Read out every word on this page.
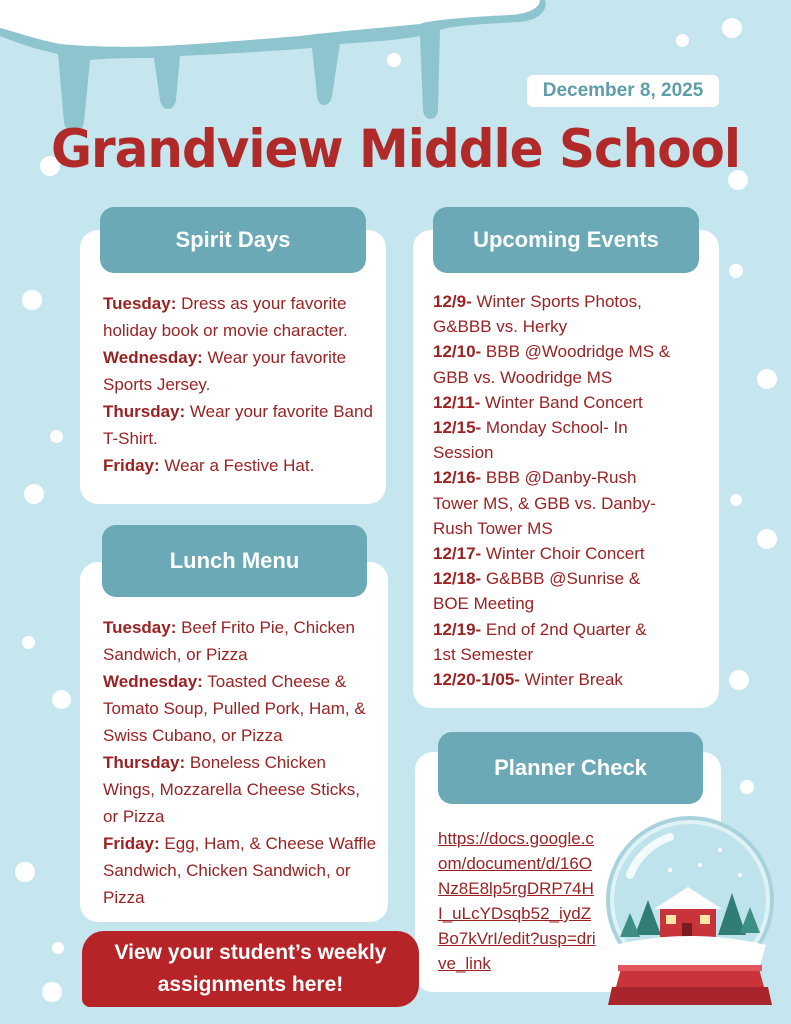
December 8, 2025
Grandview Middle School
Spirit Days
Tuesday: Dress as your favorite holiday book or movie character.
Wednesday: Wear your favorite Sports Jersey.
Thursday: Wear your favorite Band T-Shirt.
Friday: Wear a Festive Hat.
Lunch Menu
Tuesday: Beef Frito Pie, Chicken Sandwich, or Pizza
Wednesday: Toasted Cheese & Tomato Soup, Pulled Pork, Ham, & Swiss Cubano, or Pizza
Thursday: Boneless Chicken Wings, Mozzarella Cheese Sticks, or Pizza
Friday: Egg, Ham, & Cheese Waffle Sandwich, Chicken Sandwich, or Pizza
Upcoming Events
12/9- Winter Sports Photos, G&BBB vs. Herky
12/10- BBB @Woodridge MS & GBB vs. Woodridge MS
12/11- Winter Band Concert
12/15- Monday School- In Session
12/16- BBB @Danby-Rush Tower MS, & GBB vs. Danby-Rush Tower MS
12/17- Winter Choir Concert
12/18- G&BBB @Sunrise & BOE Meeting
12/19- End of 2nd Quarter & 1st Semester
12/20-1/05- Winter Break
Planner Check
https://docs.google.com/document/d/16ONz8E8lp5rgDRP74HI_uLcYDsqb52_iydZBo7kVrI/edit?usp=drive_link
View your student’s weekly assignments here!
